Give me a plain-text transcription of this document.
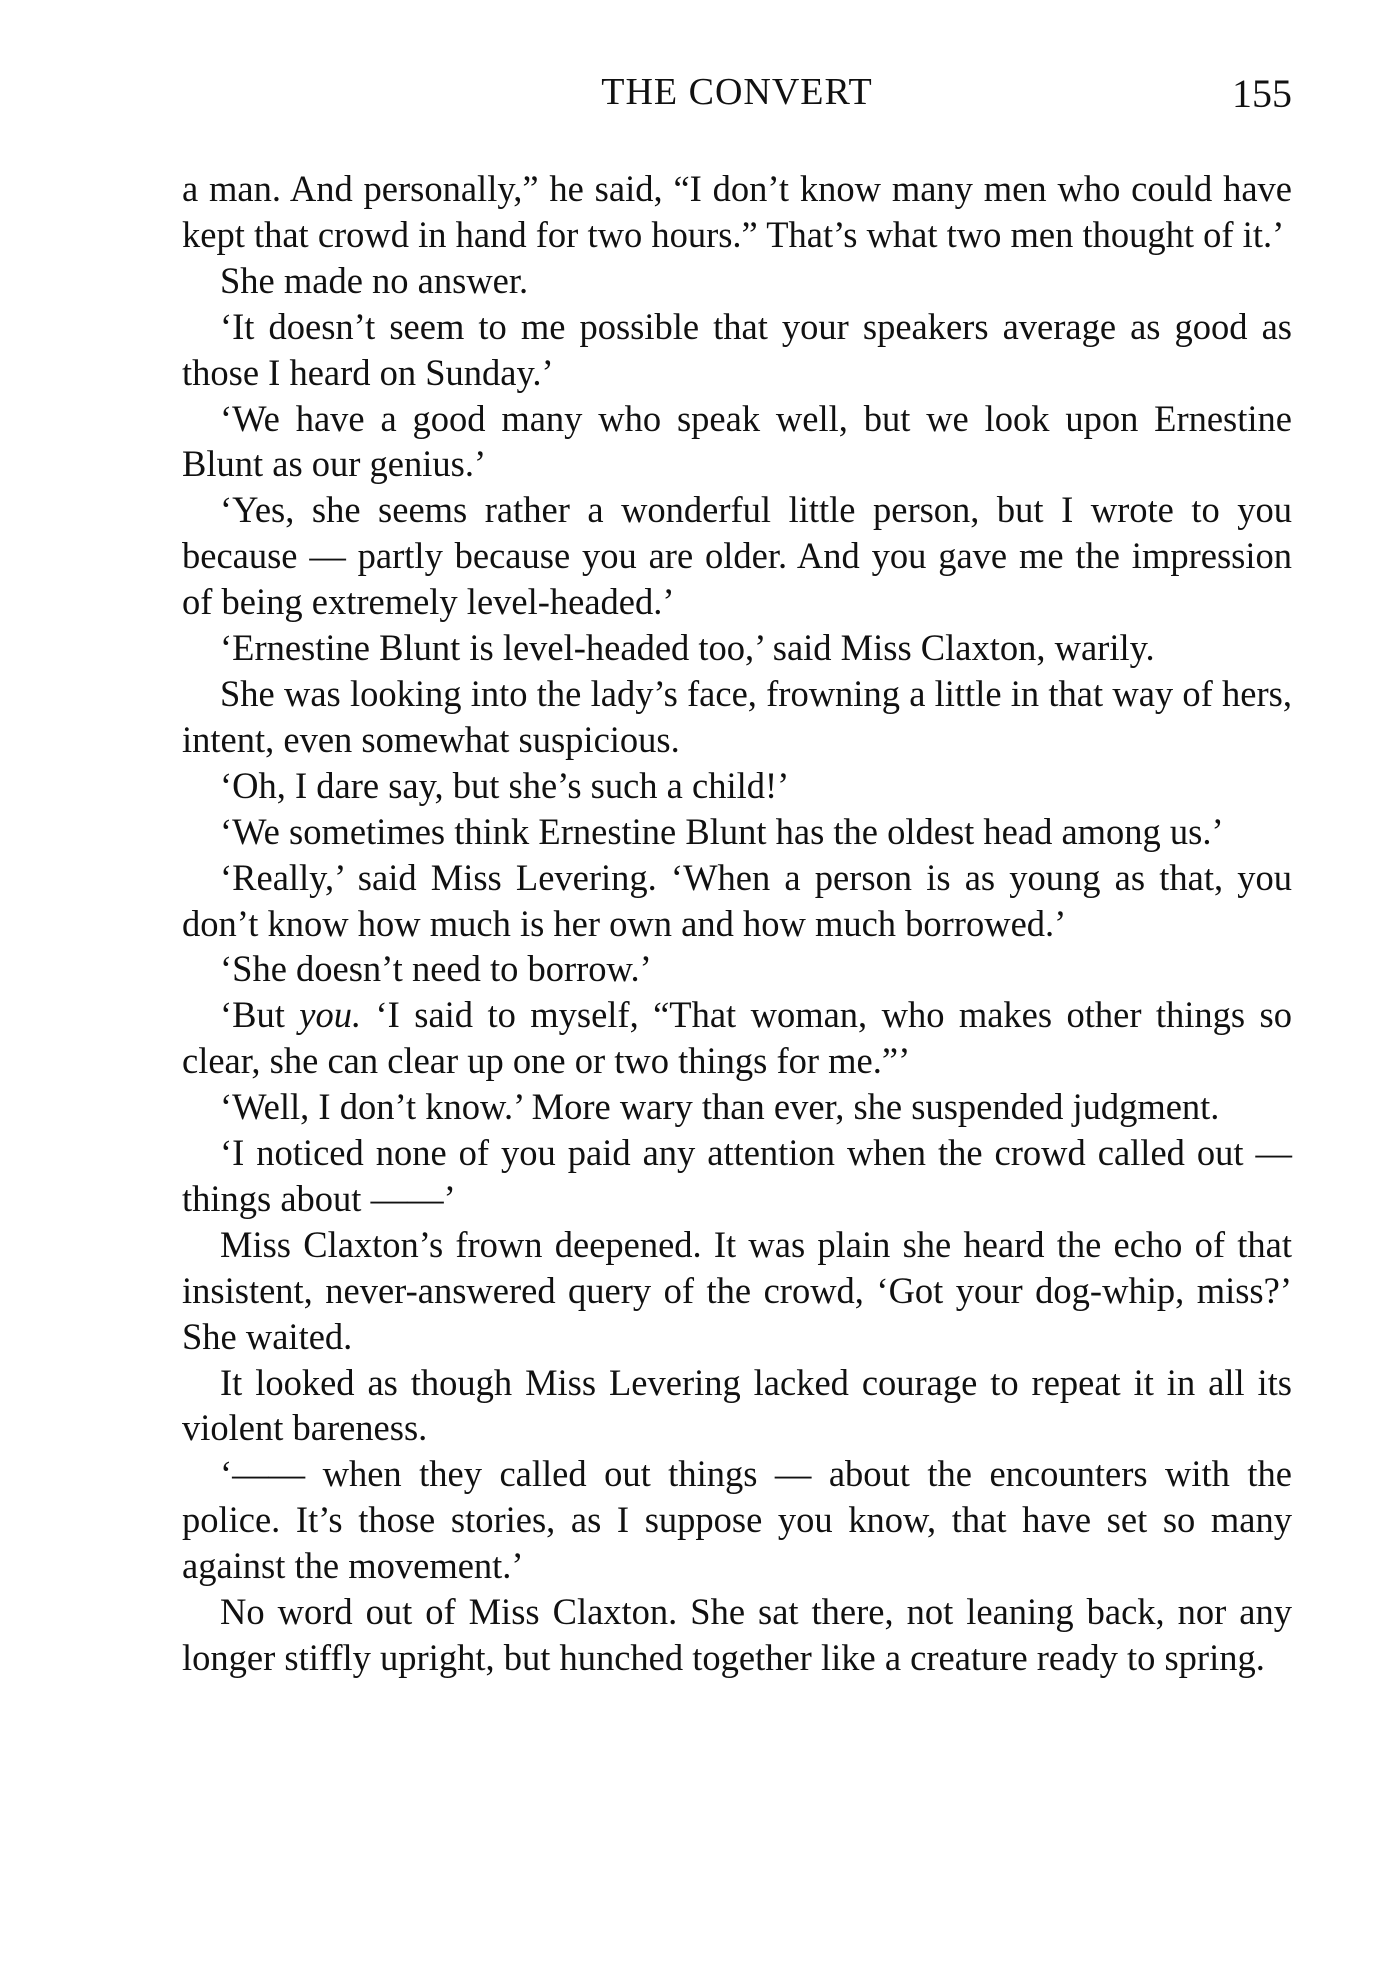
THE CONVERT	155

a man. And personally,” he said, “I don’t know many men who could have kept that crowd in hand for two hours.” That’s what two men thought of it.’

She made no answer.

‘It doesn’t seem to me possible that your speakers average as good as those I heard on Sunday.’

‘We have a good many who speak well, but we look upon Ernestine Blunt as our genius.’

‘Yes, she seems rather a wonderful little person, but I wrote to you because — partly because you are older. And you gave me the impression of being extremely level-headed.’

‘Ernestine Blunt is level-headed too,’ said Miss Claxton, warily.

She was looking into the lady’s face, frowning a little in that way of hers, intent, even somewhat suspicious.

‘Oh, I dare say, but she’s such a child!’

‘We sometimes think Ernestine Blunt has the oldest head among us.’

‘Really,’ said Miss Levering. ‘When a person is as young as that, you don’t know how much is her own and how much borrowed.’

‘She doesn’t need to borrow.’

‘But you. ‘I said to myself, “That woman, who makes other things so clear, she can clear up one or two things for me.”’

‘Well, I don’t know.’ More wary than ever, she suspended judgment.

‘I noticed none of you paid any attention when the crowd called out — things about ——’

Miss Claxton’s frown deepened. It was plain she heard the echo of that insistent, never-answered query of the crowd, ‘Got your dog-whip, miss?’ She waited.

It looked as though Miss Levering lacked courage to repeat it in all its violent bareness.

‘—— when they called out things — about the encounters with the police. It’s those stories, as I suppose you know, that have set so many against the movement.’

No word out of Miss Claxton. She sat there, not leaning back, nor any longer stiffly upright, but hunched together like a creature ready to spring.
